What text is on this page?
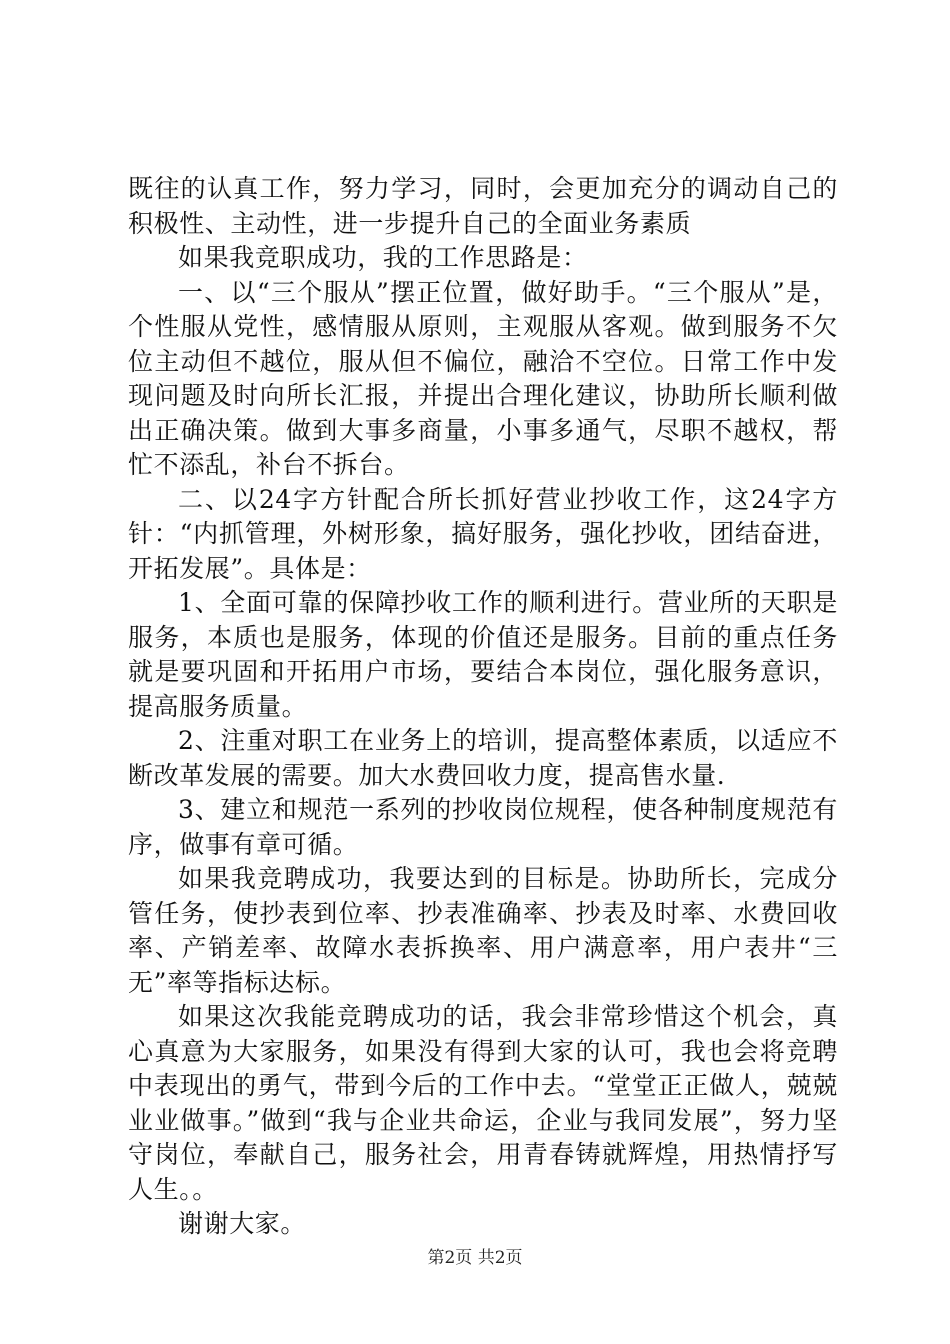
既往的认真工作，努力学习，同时，会更加充分的调动自己的积极性、主动性，进一步提升自己的全面业务素质

如果我竞职成功，我的工作思路是：

一、以“三个服从”摆正位置，做好助手。“三个服从”是，个性服从党性，感情服从原则，主观服从客观。做到服务不欠位主动但不越位，服从但不偏位，融洽不空位。日常工作中发现问题及时向所长汇报，并提出合理化建议，协助所长顺利做出正确决策。做到大事多商量，小事多通气，尽职不越权，帮忙不添乱，补台不拆台。

二、以24字方针配合所长抓好营业抄收工作，这24字方针：“内抓管理，外树形象，搞好服务，强化抄收，团结奋进，开拓发展”。具体是：

1、全面可靠的保障抄收工作的顺利进行。营业所的天职是服务，本质也是服务，体现的价值还是服务。目前的重点任务就是要巩固和开拓用户市场，要结合本岗位，强化服务意识，提高服务质量。

2、注重对职工在业务上的培训，提高整体素质，以适应不断改革发展的需要。加大水费回收力度，提高售水量.

3、建立和规范一系列的抄收岗位规程，使各种制度规范有序，做事有章可循。

如果我竞聘成功，我要达到的目标是。协助所长，完成分管任务，使抄表到位率、抄表准确率、抄表及时率、水费回收率、产销差率、故障水表拆换率、用户满意率，用户表井“三无”率等指标达标。

如果这次我能竞聘成功的话，我会非常珍惜这个机会，真心真意为大家服务，如果没有得到大家的认可，我也会将竞聘中表现出的勇气，带到今后的工作中去。“堂堂正正做人，兢兢业业做事。”做到“我与企业共命运，企业与我同发展”，努力坚守岗位，奉献自己，服务社会，用青春铸就辉煌，用热情抒写人生。。

谢谢大家。

第2页 共2页
